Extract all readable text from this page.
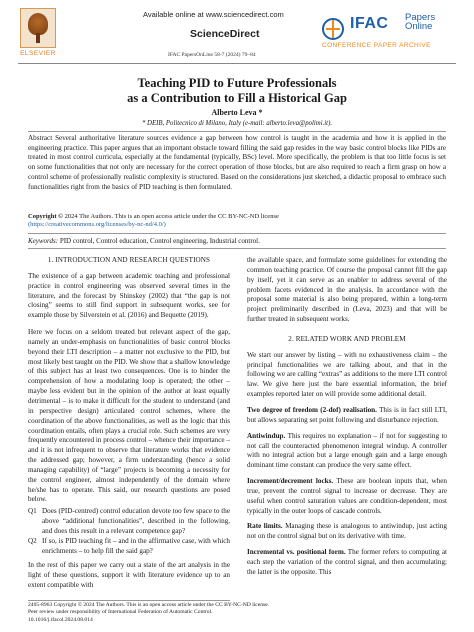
ELSEVIER
Available online at www.sciencedirect.com
ScienceDirect
IFAC PapersOnLine 58-7 (2024) 79–84
IFAC Papers
Online
CONFERENCE PAPER ARCHIVE
Teaching PID to Future Professionals
as a Contribution to Fill a Historical Gap
Alberto Leva *
* DEIB, Politecnico di Milano, Italy (e-mail: alberto.leva@polimi.it).
Abstract Several authoritative literature sources evidence a gap between how control is taught in the academia and how it is applied in the engineering practice. This paper argues that an important obstacle toward filling the said gap resides in the way basic control blocks like PIDs are treated in most control curricula, especially at the fundamental (typically, BSc) level. More specifically, the problem is that too little focus is set on some functionalities that not only are necessary for the correct operation of those blocks, but are also required to reach a firm grasp on how a control scheme of professionally realistic complexity is structured. Based on the considerations just sketched, a didactic proposal to embrace such functionalities right from the basics of PID teaching is then formulated.
Copyright © 2024 The Authors. This is an open access article under the CC BY-NC-ND license
(https://creativecommons.org/licenses/by-nc-nd/4.0/)
Keywords: PID control, Control education, Control engineering, Industrial control.
1. INTRODUCTION AND RESEARCH QUESTIONS

The existence of a gap between academic teaching and professional practice in control engineering was observed several times in the literature, and the forecast by Shinskey (2002) that “the gap is not closing” seems to still find support in subsequent works, see for example those by Silverstein et al. (2016) and Bequette (2019).

Here we focus on a seldom treated but relevant aspect of the gap, namely an under-emphasis on functionalities of basic control blocks beyond their LTI description – a matter not exclusive to the PID, but most likely best taught on the PID. We show that a shallow knowledge of this subject has at least two consequences. One is to hinder the comprehension of how a modulating loop is operated; the other – maybe less evident but in the opinion of the author at least equally detrimental – is to make it difficult for the student to understand (and in perspective design) articulated control schemes, where the coordination of the above functionalities, as well as the logic that this coordination entails, often plays a crucial role. Such schemes are very frequently encountered in process control – whence their importance – and it is not infrequent to observe that literature works that evidence the addressed gap; however, a firm understanding (hence a solid managing capability) of “large” projects is becoming a necessity for the control engineer, almost independently of the domain where he/she has to operate. This said, our research questions are posed below.

Q1 Does (PID-centred) control education devote too few space to the above “additional functionalities”, described in the following, and does this result in a relevant competence gap?
Q2 If so, is PID teaching fit – and in the affirmative case, with which enrichments – to help fill the said gap?

In the rest of this paper we carry out a state of the art analysis in the light of these questions, support it with literature evidence up to an extent compatible with

the available space, and formulate some guidelines for extending the common teaching practice. Of course the proposal cannot fill the gap by itself, yet it can serve as an enabler to address several of the problem facets evidenced in the analysis. In accordance with the proposal some material is also being prepared, within a long-term project preliminarily described in (Leva, 2023) and that will be further treated in subsequent works.

2. RELATED WORK AND PROBLEM

We start our answer by listing – with no exhaustiveness claim – the principal functionalities we are talking about, and that in the following we are calling “extras” as additions to the mere LTI control law. We give here just the bare essential information, the brief examples reported later on will provide some additional detail.

Two degree of freedom (2-dof) realisation. This is in fact still LTI, but allows separating set point following and disturbance rejection.

Antiwindup. This requires no explanation – if not for suggesting to not call the counteracted phenomenon integral windup. A controller with no integral action but a large enough gain and a large enough dominant time constant can produce the very same effect.

Increment/decrement locks. These are boolean inputs that, when true, prevent the control signal to increase or decrease. They are useful when control saturation values are condition-dependent, most typically in the outer loops of cascade controls.

Rate limits. Managing these is analogous to antiwindup, just acting not on the control signal but on its derivative with time.

Incremental vs. positional form. The former refers to computing at each step the variation of the control signal, and then accumulating; the latter is the opposite. This

2405-8963 Copyright © 2024 The Authors. This is an open access article under the CC BY-NC-ND license.
Peer review under responsibility of International Federation of Automatic Control.
10.1016/j.ifacol.2024.08.014
